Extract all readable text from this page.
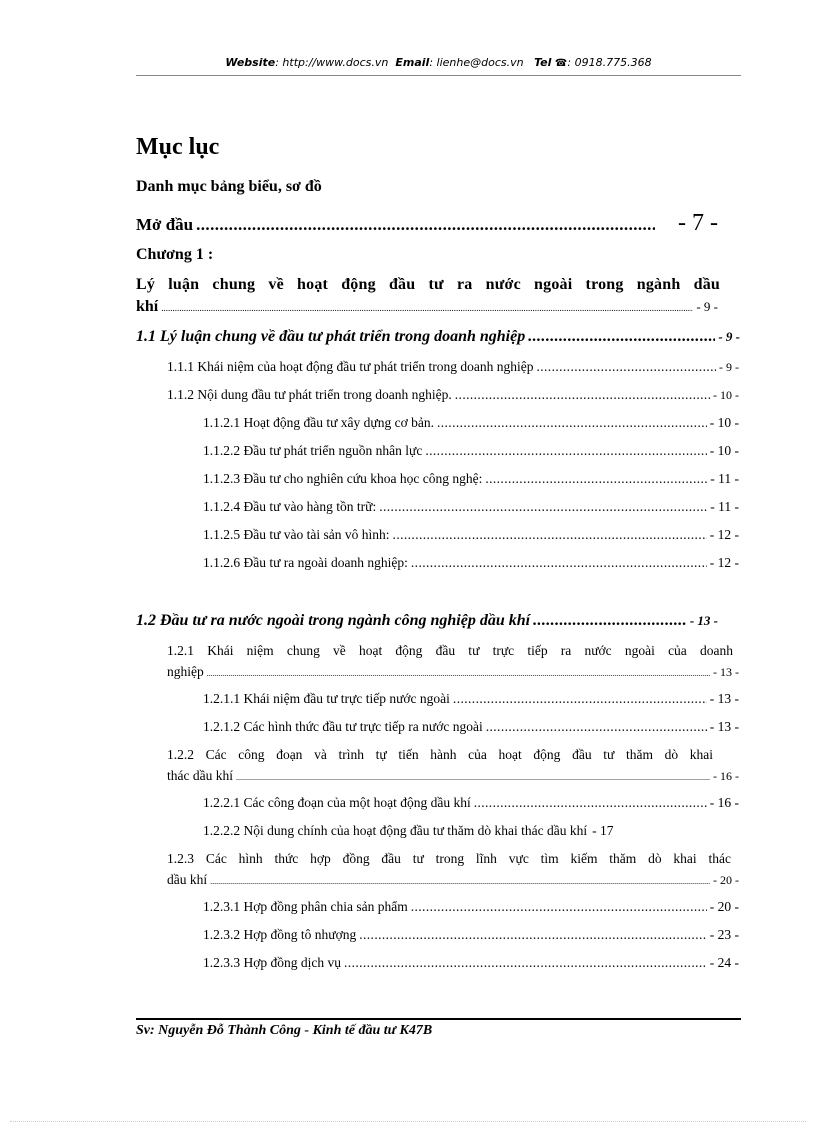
Website: http://www.docs.vn Email: lienhe@docs.vn Tel ☎: 0918.775.368
Mục lục
Danh mục bảng biểu, sơ đồ
Mở đầu .....	- 7 -
Chương 1 :
Lý luận chung về hoạt động đầu tư ra nước ngoài trong ngành dầu
khí .....	- 9 -
1.1 Lý luận chung về đầu tư phát triển trong doanh nghiệp .....	- 9 -
1.1.1 Khái niệm của hoạt động đầu tư phát triển trong doanh nghiệp .....	- 9 -
1.1.2 Nội dung đầu tư phát triển trong doanh nghiệp. .....	- 10 -
1.1.2.1 Hoạt động đầu tư xây dựng cơ bản. .....	- 10 -
1.1.2.2 Đầu tư phát triển nguồn nhân lực .....	- 10 -
1.1.2.3 Đầu tư cho nghiên cứu khoa học công nghệ: .....	- 11 -
1.1.2.4 Đầu tư vào hàng tồn trữ: .....	- 11 -
1.1.2.5 Đầu tư vào tài sản vô hình: .....	- 12 -
1.1.2.6 Đầu tư ra ngoài doanh nghiệp: .....	- 12 -
1.2 Đầu tư ra nước ngoài trong ngành công nghiệp dầu khí .....	- 13 -
1.2.1 Khái niệm chung về hoạt động đầu tư trực tiếp ra nước ngoài của doanh
nghiệp .....	- 13 -
1.2.1.1 Khái niệm đầu tư trực tiếp nước ngoài .....	- 13 -
1.2.1.2 Các hình thức đầu tư trực tiếp ra nước ngoài .....	- 13 -
1.2.2 Các công đoạn và trình tự tiến hành của hoạt động đầu tư thăm dò khai
thác dầu khí .....	- 16 -
1.2.2.1 Các công đoạn của một hoạt động dầu khí .....	- 16 -
1.2.2.2 Nội dung chính của hoạt động đầu tư thăm dò khai thác dầu khí - 17
1.2.3 Các hình thức hợp đồng đầu tư trong lĩnh vực tìm kiếm thăm dò khai thác
dầu khí .....	- 20 -
1.2.3.1 Hợp đồng phân chia sản phẩm .....	- 20 -
1.2.3.2 Hợp đồng tô nhượng .....	- 23 -
1.2.3.3 Hợp đồng dịch vụ .....	- 24 -
Sv: Nguyễn Đỗ Thành Công - Kinh tế đầu tư K47B
